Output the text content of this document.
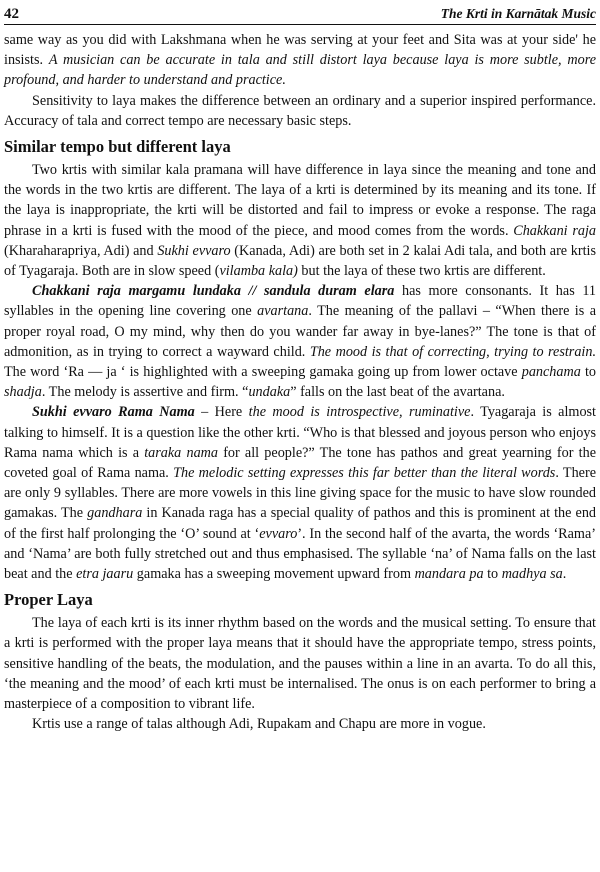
42	The Krti in Karnātak Music

same way as you did with Lakshmana when he was serving at your feet and Sita was at your side' he insists. A musician can be accurate in tala and still distort laya because laya is more subtle, more profound, and harder to understand and practice.

Sensitivity to laya makes the difference between an ordinary and a superior inspired performance. Accuracy of tala and correct tempo are necessary basic steps.

Similar tempo but different laya

Two krtis with similar kala pramana will have difference in laya since the meaning and tone and the words in the two krtis are different. The laya of a krti is determined by its meaning and its tone. If the laya is inappropriate, the krti will be distorted and fail to impress or evoke a response. The raga phrase in a krti is fused with the mood of the piece, and mood comes from the words. Chakkani raja (Kharaharapriya, Adi) and Sukhi evvaro (Kanada, Adi) are both set in 2 kalai Adi tala, and both are krtis of Tyagaraja. Both are in slow speed (vilamba kala) but the laya of these two krtis are different.

Chakkani raja margamu lundaka // sandula duram elara has more consonants. It has 11 syllables in the opening line covering one avartana. The meaning of the pallavi – “When there is a proper royal road, O my mind, why then do you wander far away in bye-lanes?” The tone is that of admonition, as in trying to correct a wayward child. The mood is that of correcting, trying to restrain. The word ‘Ra — ja ‘ is highlighted with a sweeping gamaka going up from lower octave panchama to shadja. The melody is assertive and firm. “undaka” falls on the last beat of the avartana.

Sukhi evvaro Rama Nama – Here the mood is introspective, ruminative. Tyagaraja is almost talking to himself. It is a question like the other krti. “Who is that blessed and joyous person who enjoys Rama nama which is a taraka nama for all people?” The tone has pathos and great yearning for the coveted goal of Rama nama. The melodic setting expresses this far better than the literal words. There are only 9 syllables. There are more vowels in this line giving space for the music to have slow rounded gamakas. The gandhara in Kanada raga has a special quality of pathos and this is prominent at the end of the first half prolonging the ‘O’ sound at ‘evvaro’. In the second half of the avarta, the words ‘Rama’ and ‘Nama’ are both fully stretched out and thus emphasised. The syllable ‘na’ of Nama falls on the last beat and the etra jaaru gamaka has a sweeping movement upward from mandara pa to madhya sa.

Proper Laya

The laya of each krti is its inner rhythm based on the words and the musical setting. To ensure that a krti is performed with the proper laya means that it should have the appropriate tempo, stress points, sensitive handling of the beats, the modulation, and the pauses within a line in an avarta. To do all this, ‘the meaning and the mood’ of each krti must be internalised. The onus is on each performer to bring a masterpiece of a composition to vibrant life.

Krtis use a range of talas although Adi, Rupakam and Chapu are more in vogue.
